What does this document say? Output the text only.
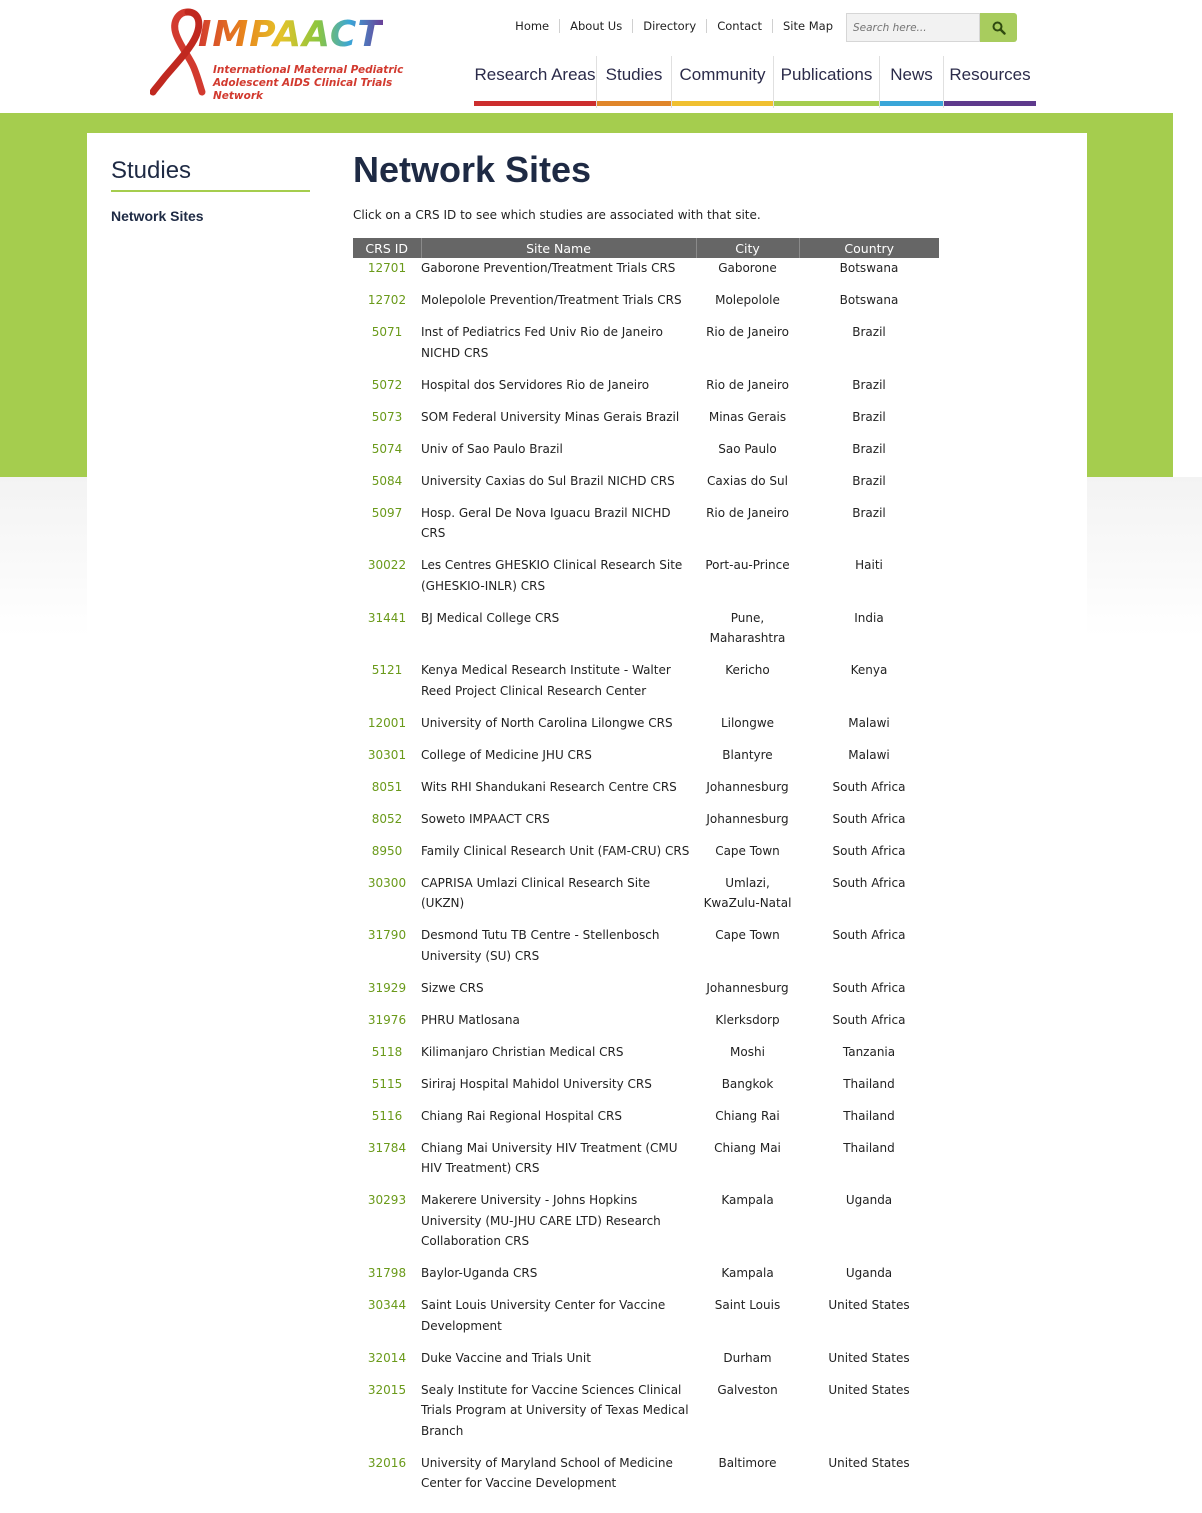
IMPAACT
International Maternal Pediatric
Adolescent AIDS Clinical Trials Network
Home	About Us	Directory	Contact	Site Map
Search here...
Research Areas Studies Community Publications News Resources
Studies
Network Sites
Network Sites
Click on a CRS ID to see which studies are associated with that site.
CRS ID	Site Name	City	Country
12701	Gaborone Prevention/Treatment Trials CRS	Gaborone	Botswana
12702	Molepolole Prevention/Treatment Trials CRS	Molepolole	Botswana
5071	Inst of Pediatrics Fed Univ Rio de Janeiro NICHD CRS	Rio de Janeiro	Brazil
5072	Hospital dos Servidores Rio de Janeiro	Rio de Janeiro	Brazil
5073	SOM Federal University Minas Gerais Brazil	Minas Gerais	Brazil
5074	Univ of Sao Paulo Brazil	Sao Paulo	Brazil
5084	University Caxias do Sul Brazil NICHD CRS	Caxias do Sul	Brazil
5097	Hosp. Geral De Nova Iguacu Brazil NICHD CRS	Rio de Janeiro	Brazil
30022	Les Centres GHESKIO Clinical Research Site (GHESKIO-INLR) CRS	Port-au-Prince	Haiti
31441	BJ Medical College CRS	Pune, Maharashtra	India
5121	Kenya Medical Research Institute - Walter Reed Project Clinical Research Center	Kericho	Kenya
12001	University of North Carolina Lilongwe CRS	Lilongwe	Malawi
30301	College of Medicine JHU CRS	Blantyre	Malawi
8051	Wits RHI Shandukani Research Centre CRS	Johannesburg	South Africa
8052	Soweto IMPAACT CRS	Johannesburg	South Africa
8950	Family Clinical Research Unit (FAM-CRU) CRS	Cape Town	South Africa
30300	CAPRISA Umlazi Clinical Research Site (UKZN)	Umlazi, KwaZulu-Natal	South Africa
31790	Desmond Tutu TB Centre - Stellenbosch University (SU) CRS	Cape Town	South Africa
31929	Sizwe CRS	Johannesburg	South Africa
31976	PHRU Matlosana	Klerksdorp	South Africa
5118	Kilimanjaro Christian Medical CRS	Moshi	Tanzania
5115	Siriraj Hospital Mahidol University CRS	Bangkok	Thailand
5116	Chiang Rai Regional Hospital CRS	Chiang Rai	Thailand
31784	Chiang Mai University HIV Treatment (CMU HIV Treatment) CRS	Chiang Mai	Thailand
30293	Makerere University - Johns Hopkins University (MU-JHU CARE LTD) Research Collaboration CRS	Kampala	Uganda
31798	Baylor-Uganda CRS	Kampala	Uganda
30344	Saint Louis University Center for Vaccine Development	Saint Louis	United States
32014	Duke Vaccine and Trials Unit	Durham	United States
32015	Sealy Institute for Vaccine Sciences Clinical Trials Program at University of Texas Medical Branch	Galveston	United States
32016	University of Maryland School of Medicine Center for Vaccine Development	Baltimore	United States
